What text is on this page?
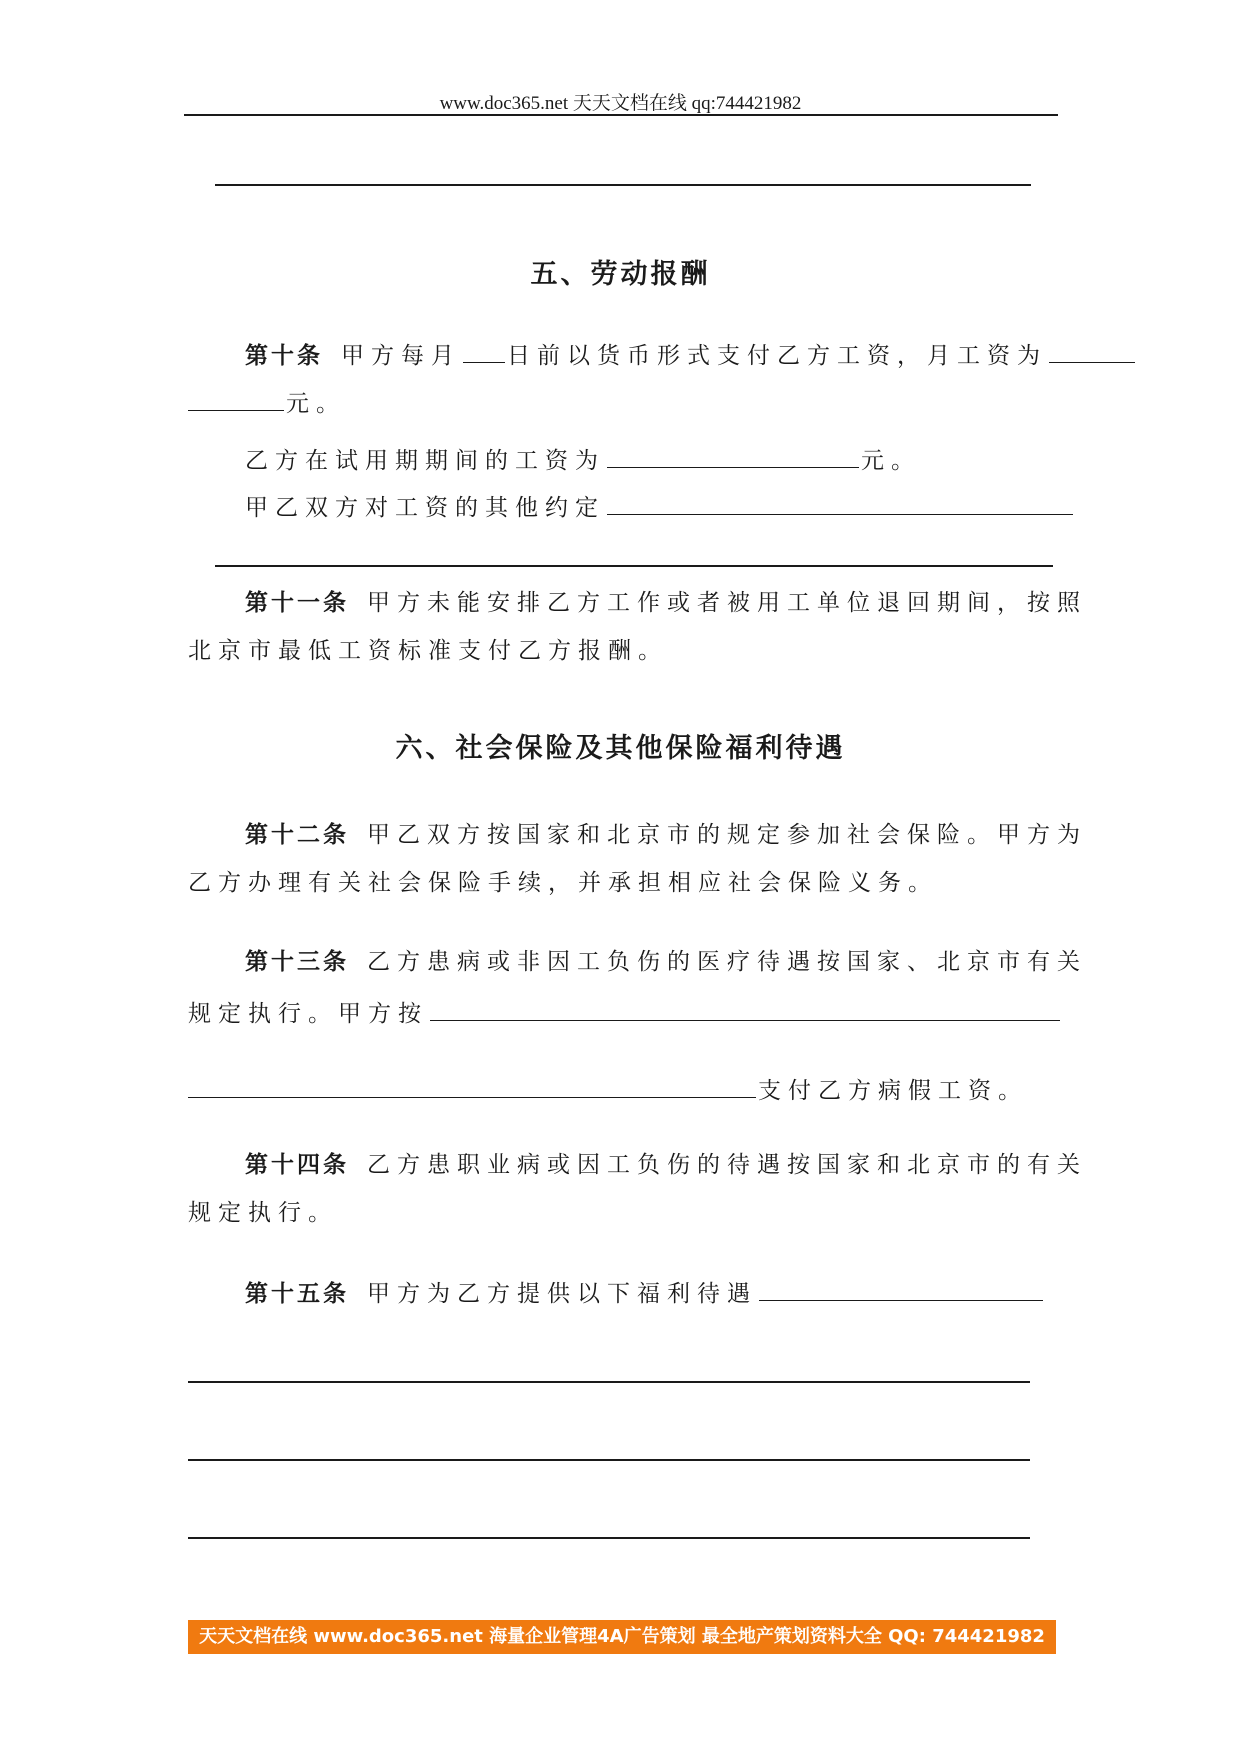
www.doc365.net 天天文档在线 qq:744421982
五、劳动报酬
第十条 甲方每月 日前以货币形式支付乙方工资，月工资为
元。
乙方在试用期期间的工资为	元。
甲乙双方对工资的其他约定
第十一条 甲方未能安排乙方工作或者被用工单位退回期间，按照
北京市最低工资标准支付乙方报酬。
六、社会保险及其他保险福利待遇
第十二条 甲乙双方按国家和北京市的规定参加社会保险。甲方为
乙方办理有关社会保险手续，并承担相应社会保险义务。
第十三条 乙方患病或非因工负伤的医疗待遇按国家、北京市有关
规定执行。甲方按
支付乙方病假工资。
第十四条 乙方患职业病或因工负伤的待遇按国家和北京市的有关
规定执行。
第十五条 甲方为乙方提供以下福利待遇
天天文档在线 www.doc365.net 海量企业管理4A广告策划 最全地产策划资料大全 QQ: 744421982
